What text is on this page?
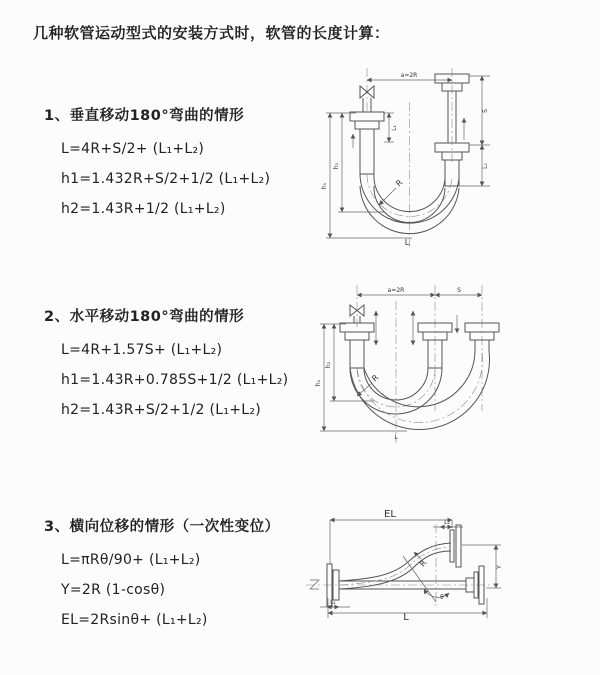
几种软管运动型式的安装方式时，软管的长度计算：
1、垂直移动180°弯曲的情形
L=4R+S/2+ (L₁+L₂)
h1=1.432R+S/2+1/2 (L₁+L₂)
h2=1.43R+1/2 (L₁+L₂)
2、水平移动180°弯曲的情形
L=4R+1.57S+ (L₁+L₂)
h1=1.43R+0.785S+1/2 (L₁+L₂)
h2=1.43R+S/2+1/2 (L₁+L₂)
3、横向位移的情形（一次性变位）
L=πRθ/90+ (L₁+L₂)
Y=2R (1-cosθ)
EL=2Rsinθ+ (L₁+L₂)
a=2R
L₁
S
L₂
h₂
h₁	R
L
a=2R	S
h₂
h₁	R
L
EL
L₂
Y
R
θ
L₁
L
